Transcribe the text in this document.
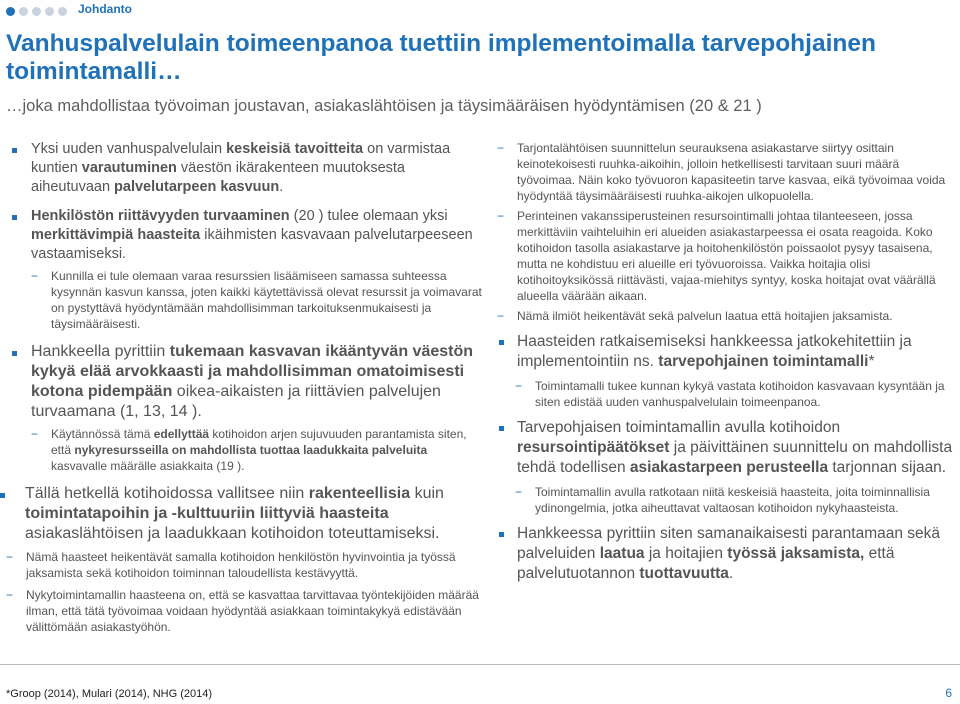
Johdanto
Vanhuspalvelulain toimeenpanoa tuettiin implementoimalla tarvepohjainen toimintamalli…
…joka mahdollistaa työvoiman joustavan, asiakaslähtöisen ja täysimääräisen hyödyntämisen (20 & 21 )
Yksi uuden vanhuspalvelulain keskeisiä tavoitteita on varmistaa kuntien varautuminen väestön ikärakenteen muutoksesta aiheutuvaan palvelutarpeen kasvuun.
Henkilöstön riittävyyden turvaaminen (20 ) tulee olemaan yksi merkittävimpiä haasteita ikäihmisten kasvavaan palvelutarpeeseen vastaamiseksi.
− Kunnilla ei tule olemaan varaa resurssien lisäämiseen samassa suhteessa kysynnän kasvun kanssa, joten kaikki käytettävissä olevat resurssit ja voimavarat on pystyttävä hyödyntämään mahdollisimman tarkoituksenmukaisesti ja täysimääräisesti.
Hankkeella pyrittiin tukemaan kasvavan ikääntyvän väestön kykyä elää arvokkaasti ja mahdollisimman omatoimisesti kotona pidempään oikea-aikaisten ja riittävien palvelujen turvaamana (1, 13, 14 ).
− Käytännössä tämä edellyttää kotihoidon arjen sujuvuuden parantamista siten, että nykyresursseilla on mahdollista tuottaa laadukkaita palveluita kasvavalle määrälle asiakkaita (19 ).
Tällä hetkellä kotihoidossa vallitsee niin rakenteellisia kuin toimintatapoihin ja -kulttuuriin liittyviä haasteita asiakaslähtöisen ja laadukkaan kotihoidon toteuttamiseksi.
− Nämä haasteet heikentävät samalla kotihoidon henkilöstön hyvinvointia ja työssä jaksamista sekä kotihoidon toiminnan taloudellista kestävyyttä.
− Nykytoimintamallin haasteena on, että se kasvattaa tarvittavaa työntekijöiden määrää ilman, että tätä työvoimaa voidaan hyödyntää asiakkaan toimintakykyä edistävään välittömään asiakastyöhön.
− Tarjontalähtöisen suunnittelun seurauksena asiakastarve siirtyy osittain keinotekoisesti ruuhka-aikoihin, jolloin hetkellisesti tarvitaan suuri määrä työvoimaa. Näin koko työvuoron kapasiteetin tarve kasvaa, eikä työvoimaa voida hyödyntää täysimääräisesti ruuhka-aikojen ulkopuolella.
− Perinteinen vakanssiperusteinen resursointimalli johtaa tilanteeseen, jossa merkittäviin vaihteluihin eri alueiden asiakastarpeessa ei osata reagoida. Koko kotihoidon tasolla asiakastarve ja hoitohenkilöstön poissaolot pysyy tasaisena, mutta ne kohdistuu eri alueille eri työvuoroissa. Vaikka hoitajia olisi kotihoitoyksikössä riittävästi, vajaa-miehitys syntyy, koska hoitajat ovat väärällä alueella väärään aikaan.
− Nämä ilmiöt heikentävät sekä palvelun laatua että hoitajien jaksamista.
Haasteiden ratkaisemiseksi hankkeessa jatkokehitettiin ja implementointiin ns. tarvepohjainen toimintamalli*
− Toimintamalli tukee kunnan kykyä vastata kotihoidon kasvavaan kysyntään ja siten edistää uuden vanhuspalvelulain toimeenpanoa.
Tarvepohjaisen toimintamallin avulla kotihoidon resursointipäätökset ja päivittäinen suunnittelu on mahdollista tehdä todellisen asiakastarpeen perusteella tarjonnan sijaan.
− Toimintamallin avulla ratkotaan niitä keskeisiä haasteita, joita toiminnallisia ydinongelmia, jotka aiheuttavat valtaosan kotihoidon nykyhaasteista.
Hankkeessa pyrittiin siten samanaikaisesti parantamaan sekä palveluiden laatua ja hoitajien työssä jaksamista, että palvelutuotannon tuottavuutta.
*Groop (2014), Mulari (2014), NHG (2014)	6
